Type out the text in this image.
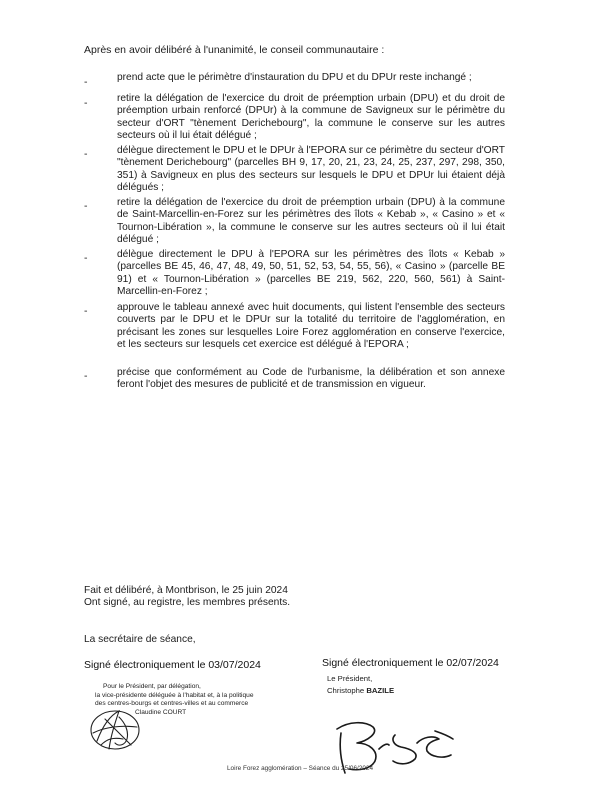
Après en avoir délibéré à l'unanimité, le conseil communautaire :
-	prend acte que le périmètre d'instauration du DPU et du DPUr reste inchangé ;
-	retire la délégation de l'exercice du droit de préemption urbain (DPU) et du droit de préemption urbain renforcé (DPUr) à la commune de Savigneux sur le périmètre du secteur d'ORT "tènement Derichebourg", la commune le conserve sur les autres secteurs où il lui était délégué ;
-	délègue directement le DPU et le DPUr à l'EPORA sur ce périmètre du secteur d'ORT "tènement Derichebourg" (parcelles BH 9, 17, 20, 21, 23, 24, 25, 237, 297, 298, 350, 351) à Savigneux en plus des secteurs sur lesquels le DPU et DPUr lui étaient déjà délégués ;
-	retire la délégation de l'exercice du droit de préemption urbain (DPU) à la commune de Saint-Marcellin-en-Forez sur les périmètres des îlots « Kebab », « Casino » et « Tournon-Libération », la commune le conserve sur les autres secteurs où il lui était délégué ;
-	délègue directement le DPU à l'EPORA sur les périmètres des îlots « Kebab » (parcelles BE 45, 46, 47, 48, 49, 50, 51, 52, 53, 54, 55, 56), « Casino » (parcelle BE 91) et « Tournon-Libération » (parcelles BE 219, 562, 220, 560, 561) à Saint-Marcellin-en-Forez ;
-	approuve le tableau annexé avec huit documents, qui listent l'ensemble des secteurs couverts par le DPU et le DPUr sur la totalité du territoire de l'agglomération, en précisant les zones sur lesquelles Loire Forez agglomération en conserve l'exercice, et les secteurs sur lesquels cet exercice est délégué à l'EPORA ;
-	précise que conformément au Code de l'urbanisme, la délibération et son annexe feront l'objet des mesures de publicité et de transmission en vigueur.
Fait et délibéré, à Montbrison, le 25 juin 2024
Ont signé, au registre, les membres présents.
La secrétaire de séance,
Signé électroniquement le 03/07/2024
Pour le Président, par délégation,
la vice-présidente déléguée à l'habitat et, à la politique
des centres-bourgs et centres-villes et au commerce
Claudine COURT
Signé électroniquement le 02/07/2024
Le Président,
Christophe BAZILE
Loire Forez agglomération – Séance du 25/06/2024
